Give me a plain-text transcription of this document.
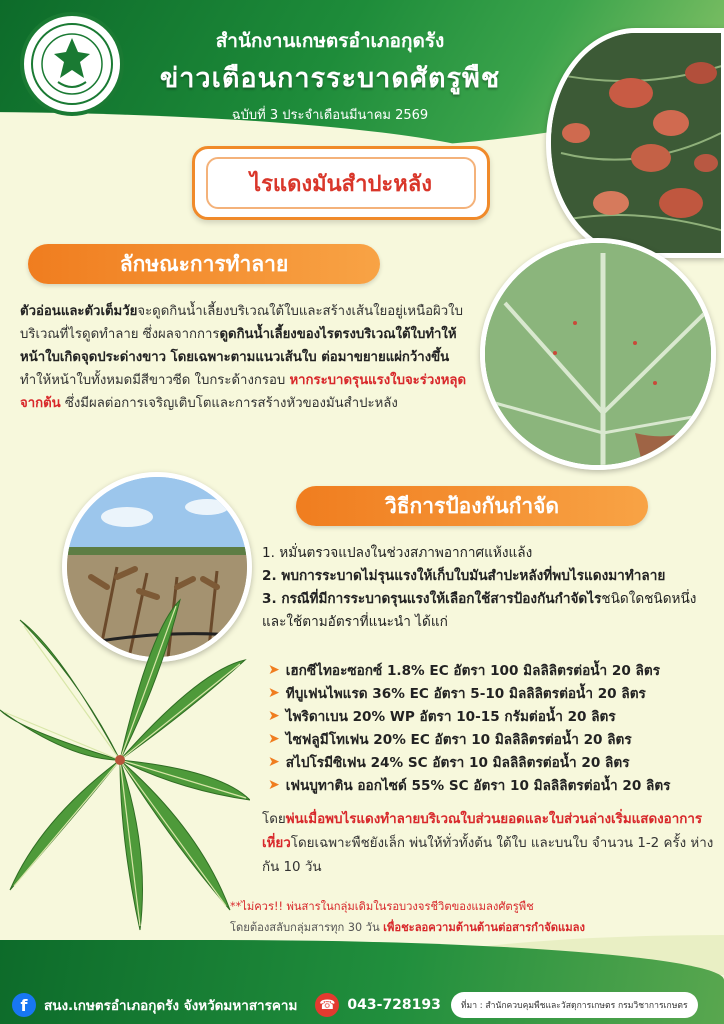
สำนักงานเกษตรอำเภอกุดรัง
ข่าวเตือนการระบาดศัตรูพืช
ฉบับที่ 3 ประจำเดือนมีนาคม 2569
ไรแดงมันสำปะหลัง
ลักษณะการทำลาย
ตัวอ่อนและตัวเต็มวัยจะดูดกินน้ำเลี้ยงบริเวณใต้ใบและสร้างเส้นใยอยู่เหนือผิวใบบริเวณที่ไรดูดทำลาย ซึ่งผลจากการดูดกินน้ำเลี้ยงของไรตรงบริเวณใต้ใบทำให้หน้าใบเกิดจุดประด่างขาว โดยเฉพาะตามแนวเส้นใบ ต่อมาขยายแผ่กว้างขึ้น ทำให้หน้าใบทั้งหมดมีสีขาวซีด ใบกระด้างกรอบ หากระบาดรุนแรงใบจะร่วงหลุดจากต้น ซึ่งมีผลต่อการเจริญเติบโตและการสร้างหัวของมันสำปะหลัง
วิธีการป้องกันกำจัด
1. หมั่นตรวจแปลงในช่วงสภาพอากาศแห้งแล้ง
2. พบการระบาดไม่รุนแรงให้เก็บใบมันสำปะหลังที่พบไรแดงมาทำลาย
3. กรณีที่มีการระบาดรุนแรงให้เลือกใช้สารป้องกันกำจัดไรชนิดใดชนิดหนึ่งและใช้ตามอัตราที่แนะนำ ได้แก่
➤ เฮกซีไทอะซอกซ์ 1.8% EC อัตรา 100 มิลลิลิตรต่อน้ำ 20 ลิตร
➤ ทีบูเฟนไพแรด 36% EC อัตรา 5-10 มิลลิลิตรต่อน้ำ 20 ลิตร
➤ ไพริดาเบน 20% WP อัตรา 10-15 กรัมต่อน้ำ 20 ลิตร
➤ ไซฟลูมีโทเฟน 20% EC อัตรา 10 มิลลิลิตรต่อน้ำ 20 ลิตร
➤ สไปโรมีซิเฟน 24% SC อัตรา 10 มิลลิลิตรต่อน้ำ 20 ลิตร
➤ เฟนบูทาติน ออกไซด์ 55% SC อัตรา 10 มิลลิลิตรต่อน้ำ 20 ลิตร
โดยพ่นเมื่อพบไรแดงทำลายบริเวณใบส่วนยอดและใบส่วนล่างเริ่มแสดงอาการเหี่ยวโดยเฉพาะพืชยังเล็ก พ่นให้ทั่วทั้งต้น ใต้ใบ และบนใบ จำนวน 1-2 ครั้ง ห่างกัน 10 วัน
**ไม่ควร!! พ่นสารในกลุ่มเดิมในรอบวงจรชีวิตของแมลงศัตรูพืช
โดยต้องสลับกลุ่มสารทุก 30 วัน เพื่อชะลอความต้านต้านต่อสารกำจัดแมลง
f	สนง.เกษตรอำเภอกุดรัง จังหวัดมหาสารคาม ☎ 043-728193	ที่มา : สำนักควบคุมพืชและวัสดุการเกษตร กรมวิชาการเกษตร
